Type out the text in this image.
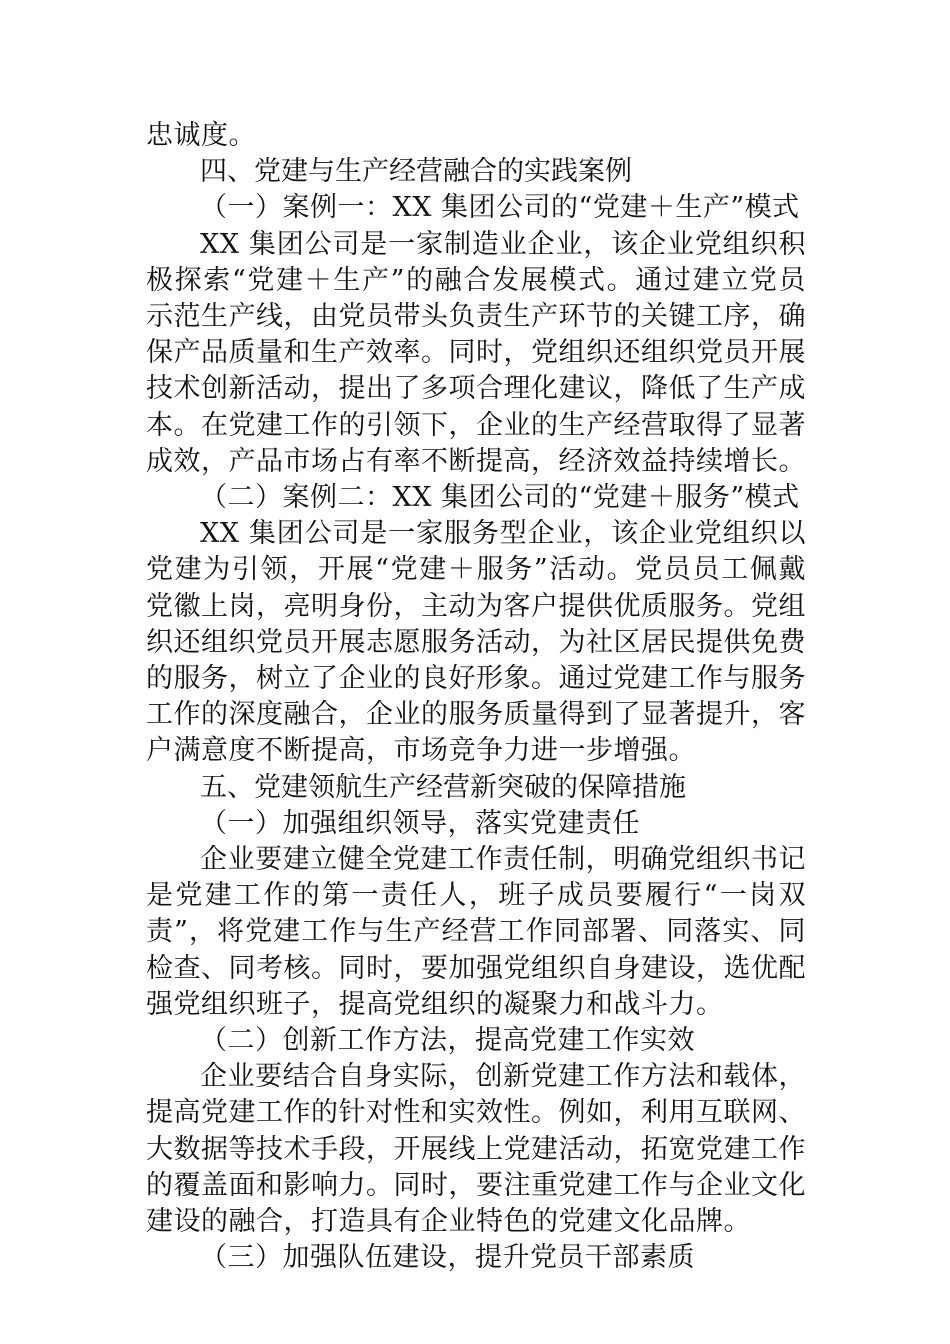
忠诚度。
四、党建与生产经营融合的实践案例
（一）案例一：XX 集团公司的“党建＋生产”模式

XX 集团公司是一家制造业企业，该企业党组织积极探索“党建＋生产”的融合发展模式。通过建立党员示范生产线，由党员带头负责生产环节的关键工序，确保产品质量和生产效率。同时，党组织还组织党员开展技术创新活动，提出了多项合理化建议，降低了生产成本。在党建工作的引领下，企业的生产经营取得了显著成效，产品市场占有率不断提高，经济效益持续增长。

（二）案例二：XX 集团公司的“党建＋服务”模式

XX 集团公司是一家服务型企业，该企业党组织以党建为引领，开展“党建＋服务”活动。党员员工佩戴党徽上岗，亮明身份，主动为客户提供优质服务。党组织还组织党员开展志愿服务活动，为社区居民提供免费的服务，树立了企业的良好形象。通过党建工作与服务工作的深度融合，企业的服务质量得到了显著提升，客户满意度不断提高，市场竞争力进一步增强。

五、党建领航生产经营新突破的保障措施
（一）加强组织领导，落实党建责任

企业要建立健全党建工作责任制，明确党组织书记是党建工作的第一责任人，班子成员要履行“一岗双责”，将党建工作与生产经营工作同部署、同落实、同检查、同考核。同时，要加强党组织自身建设，选优配强党组织班子，提高党组织的凝聚力和战斗力。

（二）创新工作方法，提高党建工作实效

企业要结合自身实际，创新党建工作方法和载体，提高党建工作的针对性和实效性。例如，利用互联网、大数据等技术手段，开展线上党建活动，拓宽党建工作的覆盖面和影响力。同时，要注重党建工作与企业文化建设的融合，打造具有企业特色的党建文化品牌。

（三）加强队伍建设，提升党员干部素质
